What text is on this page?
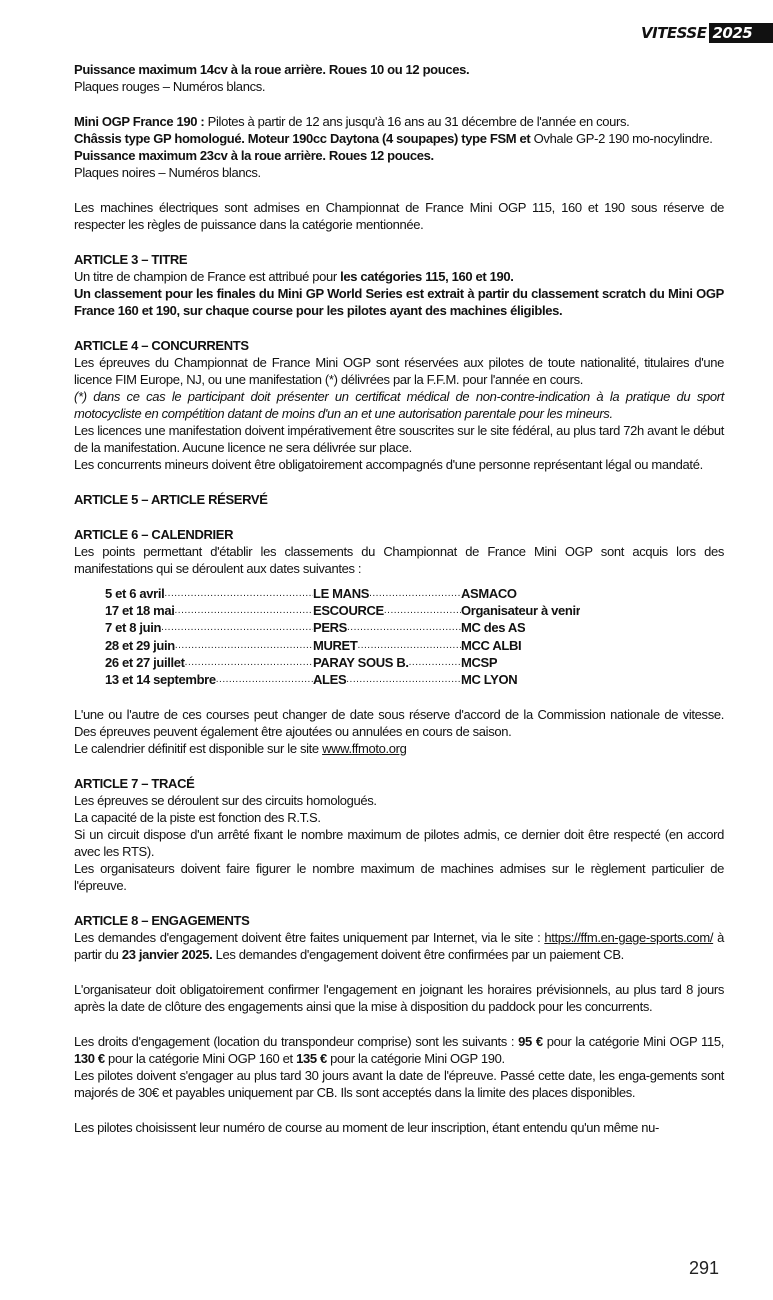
VITESSE 2025

Puissance maximum 14cv à la roue arrière. Roues 10 ou 12 pouces.

Plaques rouges – Numéros blancs.

Mini OGP France 190 : Pilotes à partir de 12 ans jusqu'à 16 ans au 31 décembre de l'année en cours.
Châssis type GP homologué. Moteur 190cc Daytona (4 soupapes) type FSM et Ovhale GP-2 190 mo-nocylindre.

Puissance maximum 23cv à la roue arrière. Roues 12 pouces.

Plaques noires – Numéros blancs.

Les machines électriques sont admises en Championnat de France Mini OGP 115, 160 et 190 sous réserve de respecter les règles de puissance dans la catégorie mentionnée.

ARTICLE 3 – TITRE

Un titre de champion de France est attribué pour les catégories 115, 160 et 190.

Un classement pour les finales du Mini GP World Series est extrait à partir du classement scratch du Mini OGP France 160 et 190, sur chaque course pour les pilotes ayant des machines éligibles.

ARTICLE 4 – CONCURRENTS

Les épreuves du Championnat de France Mini OGP sont réservées aux pilotes de toute nationalité, titulaires d'une licence FIM Europe, NJ, ou une manifestation (*) délivrées par la F.F.M. pour l'année en cours.

(*) dans ce cas le participant doit présenter un certificat médical de non-contre-indication à la pratique du sport motocycliste en compétition datant de moins d'un an et une autorisation parentale pour les mineurs.

Les licences une manifestation doivent impérativement être souscrites sur le site fédéral, au plus tard 72h avant le début de la manifestation. Aucune licence ne sera délivrée sur place.

Les concurrents mineurs doivent être obligatoirement accompagnés d'une personne représentant légal ou mandaté.

ARTICLE 5 – ARTICLE RÉSERVÉ

ARTICLE 6 – CALENDRIER

Les points permettant d'établir les classements du Championnat de France Mini OGP sont acquis lors des manifestations qui se déroulent aux dates suivantes :

5 et 6 avril .....	LE MANS .....	ASMACO
17 et 18 mai .....	ESCOURCE .....	Organisateur à venir
7 et 8 juin .....	PERS .....	MC des AS
28 et 29 juin .....	MURET .....	MCC ALBI
26 et 27 juillet .....	PARAY SOUS B. .....	MCSP
13 et 14 septembre .....	ALES .....	MC LYON

L'une ou l'autre de ces courses peut changer de date sous réserve d'accord de la Commission nationale de vitesse. Des épreuves peuvent également être ajoutées ou annulées en cours de saison.

Le calendrier définitif est disponible sur le site www.ffmoto.org

ARTICLE 7 – TRACÉ

Les épreuves se déroulent sur des circuits homologués.

La capacité de la piste est fonction des R.T.S.

Si un circuit dispose d'un arrêté fixant le nombre maximum de pilotes admis, ce dernier doit être respecté (en accord avec les RTS).

Les organisateurs doivent faire figurer le nombre maximum de machines admises sur le règlement particulier de l'épreuve.

ARTICLE 8 – ENGAGEMENTS

Les demandes d'engagement doivent être faites uniquement par Internet, via le site : https://ffm.en-gage-sports.com/ à partir du 23 janvier 2025. Les demandes d'engagement doivent être confirmées par un paiement CB.

L'organisateur doit obligatoirement confirmer l'engagement en joignant les horaires prévisionnels, au plus tard 8 jours après la date de clôture des engagements ainsi que la mise à disposition du paddock pour les concurrents.

Les droits d'engagement (location du transpondeur comprise) sont les suivants : 95 € pour la catégorie Mini OGP 115, 130 € pour la catégorie Mini OGP 160 et 135 € pour la catégorie Mini OGP 190.

Les pilotes doivent s'engager au plus tard 30 jours avant la date de l'épreuve. Passé cette date, les enga-gements sont majorés de 30€ et payables uniquement par CB. Ils sont acceptés dans la limite des places disponibles.

Les pilotes choisissent leur numéro de course au moment de leur inscription, étant entendu qu'un même nu-

291
